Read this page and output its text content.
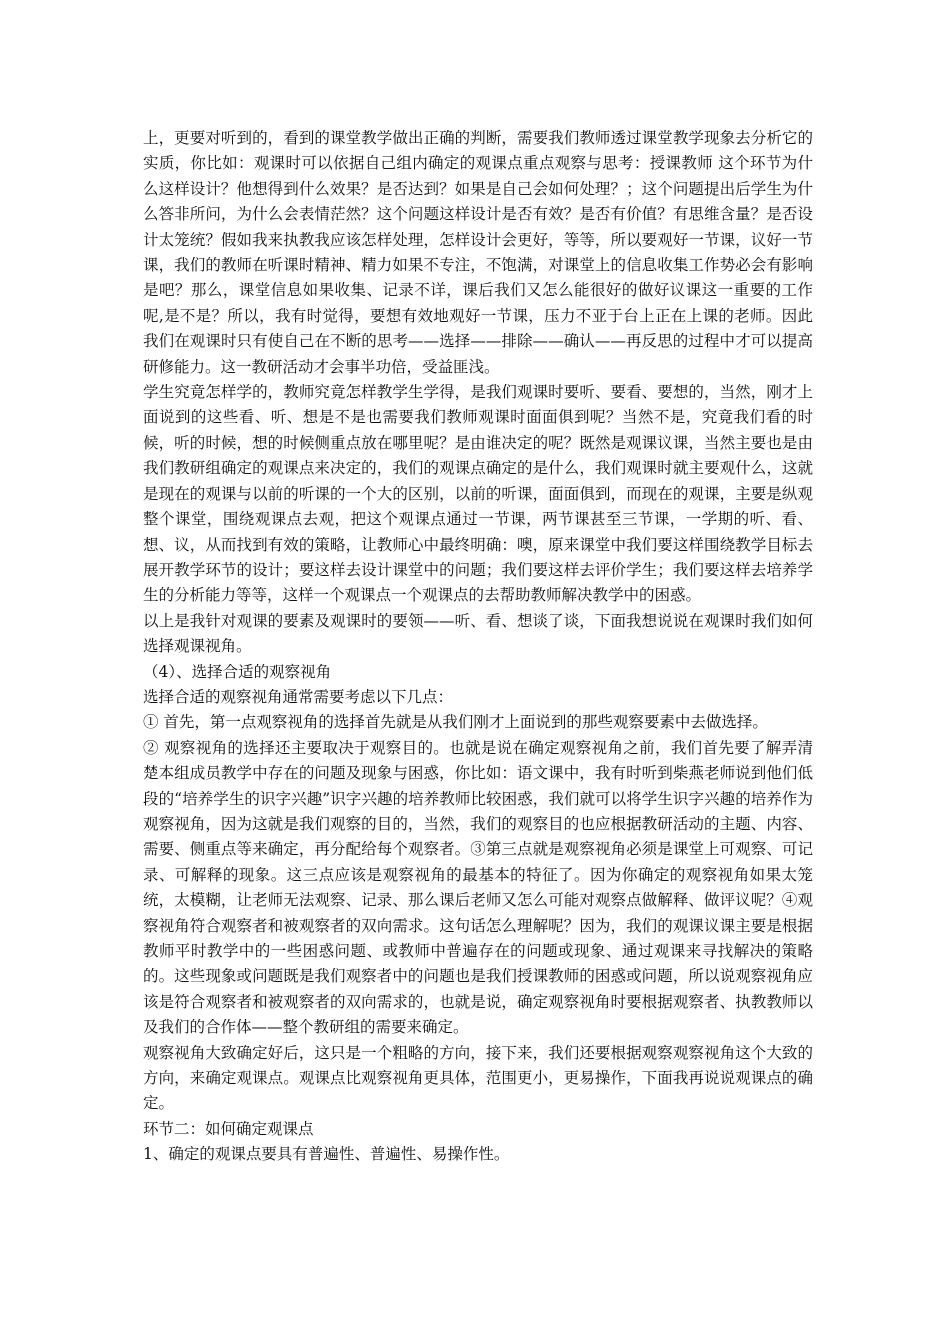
上，更要对听到的，看到的课堂教学做出正确的判断，需要我们教师透过课堂教学现象去分析它的实质，你比如：观课时可以依据自己组内确定的观课点重点观察与思考：授课教师 这个环节为什么这样设计？他想得到什么效果？是否达到？如果是自己会如何处理？；这个问题提出后学生为什么答非所问，为什么会表情茫然？这个问题这样设计是否有效？是否有价值？有思维含量？是否设计太笼统？假如我来执教我应该怎样处理，怎样设计会更好，等等，所以要观好一节课，议好一节课，我们的教师在听课时精神、精力如果不专注，不饱满，对课堂上的信息收集工作势必会有影响是吧？那么，课堂信息如果收集、记录不详，课后我们又怎么能很好的做好议课这一重要的工作呢,是不是？所以，我有时觉得，要想有效地观好一节课，压力不亚于台上正在上课的老师。因此我们在观课时只有使自己在不断的思考——选择——排除——确认——再反思的过程中才可以提高研修能力。这一教研活动才会事半功倍，受益匪浅。

学生究竟怎样学的，教师究竟怎样教学生学得，是我们观课时要听、要看、要想的，当然，刚才上面说到的这些看、听、想是不是也需要我们教师观课时面面俱到呢？当然不是，究竟我们看的时候，听的时候，想的时候侧重点放在哪里呢？是由谁决定的呢？既然是观课议课，当然主要也是由我们教研组确定的观课点来决定的，我们的观课点确定的是什么，我们观课时就主要观什么，这就是现在的观课与以前的听课的一个大的区别，以前的听课，面面俱到，而现在的观课，主要是纵观整个课堂，围绕观课点去观，把这个观课点通过一节课，两节课甚至三节课，一学期的听、看、想、议，从而找到有效的策略，让教师心中最终明确：噢，原来课堂中我们要这样围绕教学目标去展开教学环节的设计；要这样去设计课堂中的问题；我们要这样去评价学生；我们要这样去培养学生的分析能力等等，这样一个观课点一个观课点的去帮助教师解决教学中的困惑。

以上是我针对观课的要素及观课时的要领——听、看、想谈了谈，下面我想说说在观课时我们如何选择观课视角。

（4）、选择合适的观察视角

选择合适的观察视角通常需要考虑以下几点：

① 首先，第一点观察视角的选择首先就是从我们刚才上面说到的那些观察要素中去做选择。

② 观察视角的选择还主要取决于观察目的。也就是说在确定观察视角之前，我们首先要了解弄清楚本组成员教学中存在的问题及现象与困惑，你比如：语文课中，我有时听到柴燕老师说到他们低段的“培养学生的识字兴趣”识字兴趣的培养教师比较困惑，我们就可以将学生识字兴趣的培养作为观察视角，因为这就是我们观察的目的，当然，我们的观察目的也应根据教研活动的主题、内容、需要、侧重点等来确定，再分配给每个观察者。③第三点就是观察视角必须是课堂上可观察、可记录、可解释的现象。这三点应该是观察视角的最基本的特征了。因为你确定的观察视角如果太笼统，太模糊，让老师无法观察、记录、那么课后老师又怎么可能对观察点做解释、做评议呢？④观察视角符合观察者和被观察者的双向需求。这句话怎么理解呢？因为，我们的观课议课主要是根据教师平时教学中的一些困惑问题、或教师中普遍存在的问题或现象、通过观课来寻找解决的策略的。这些现象或问题既是我们观察者中的问题也是我们授课教师的困惑或问题，所以说观察视角应该是符合观察者和被观察者的双向需求的，也就是说，确定观察视角时要根据观察者、执教教师以及我们的合作体——整个教研组的需要来确定。

观察视角大致确定好后，这只是一个粗略的方向，接下来，我们还要根据观察观察视角这个大致的方向，来确定观课点。观课点比观察视角更具体，范围更小，更易操作，下面我再说说观课点的确定。

环节二：如何确定观课点

1、确定的观课点要具有普遍性、普遍性、易操作性。
